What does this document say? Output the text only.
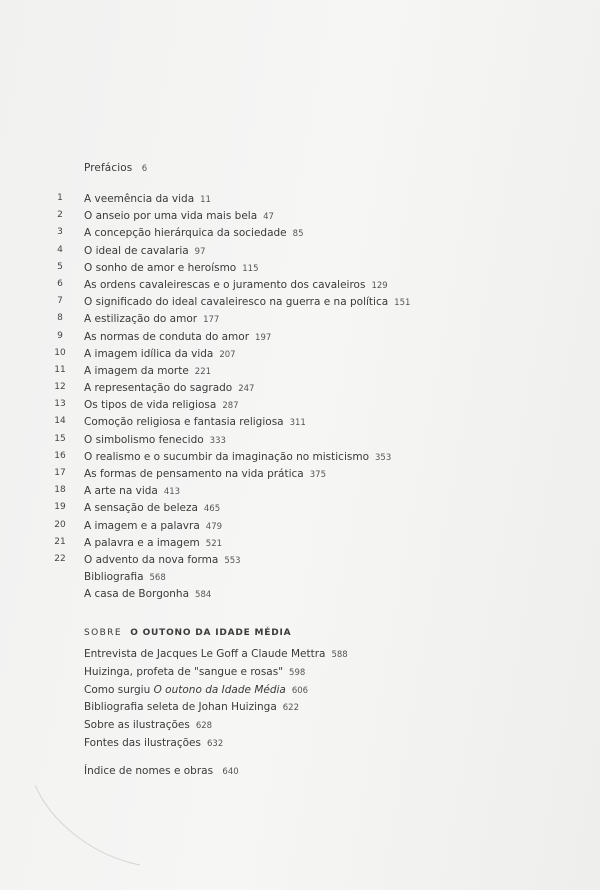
Prefácios 6
1	A veemência da vida 11
2	O anseio por uma vida mais bela 47
3	A concepção hierárquica da sociedade 85
4	O ideal de cavalaria 97
5	O sonho de amor e heroísmo 115
6	As ordens cavaleirescas e o juramento dos cavaleiros 129
7	O significado do ideal cavaleiresco na guerra e na política 151
8	A estilização do amor 177
9	As normas de conduta do amor 197
10	A imagem idílica da vida 207
11	A imagem da morte 221
12	A representação do sagrado 247
13	Os tipos de vida religiosa 287
14	Comoção religiosa e fantasia religiosa 311
15	O simbolismo fenecido 333
16	O realismo e o sucumbir da imaginação no misticismo 353
17	As formas de pensamento na vida prática 375
18	A arte na vida 413
19	A sensação de beleza 465
20	A imagem e a palavra 479
21	A palavra e a imagem 521
22	O advento da nova forma 553
Bibliografia 568
A casa de Borgonha 584
SOBRE O OUTONO DA IDADE MÉDIA
Entrevista de Jacques Le Goff a Claude Mettra 588
Huizinga, profeta de "sangue e rosas" 598
Como surgiu O outono da Idade Média 606
Bibliografia seleta de Johan Huizinga 622
Sobre as ilustrações 628
Fontes das ilustrações 632
Índice de nomes e obras 640
